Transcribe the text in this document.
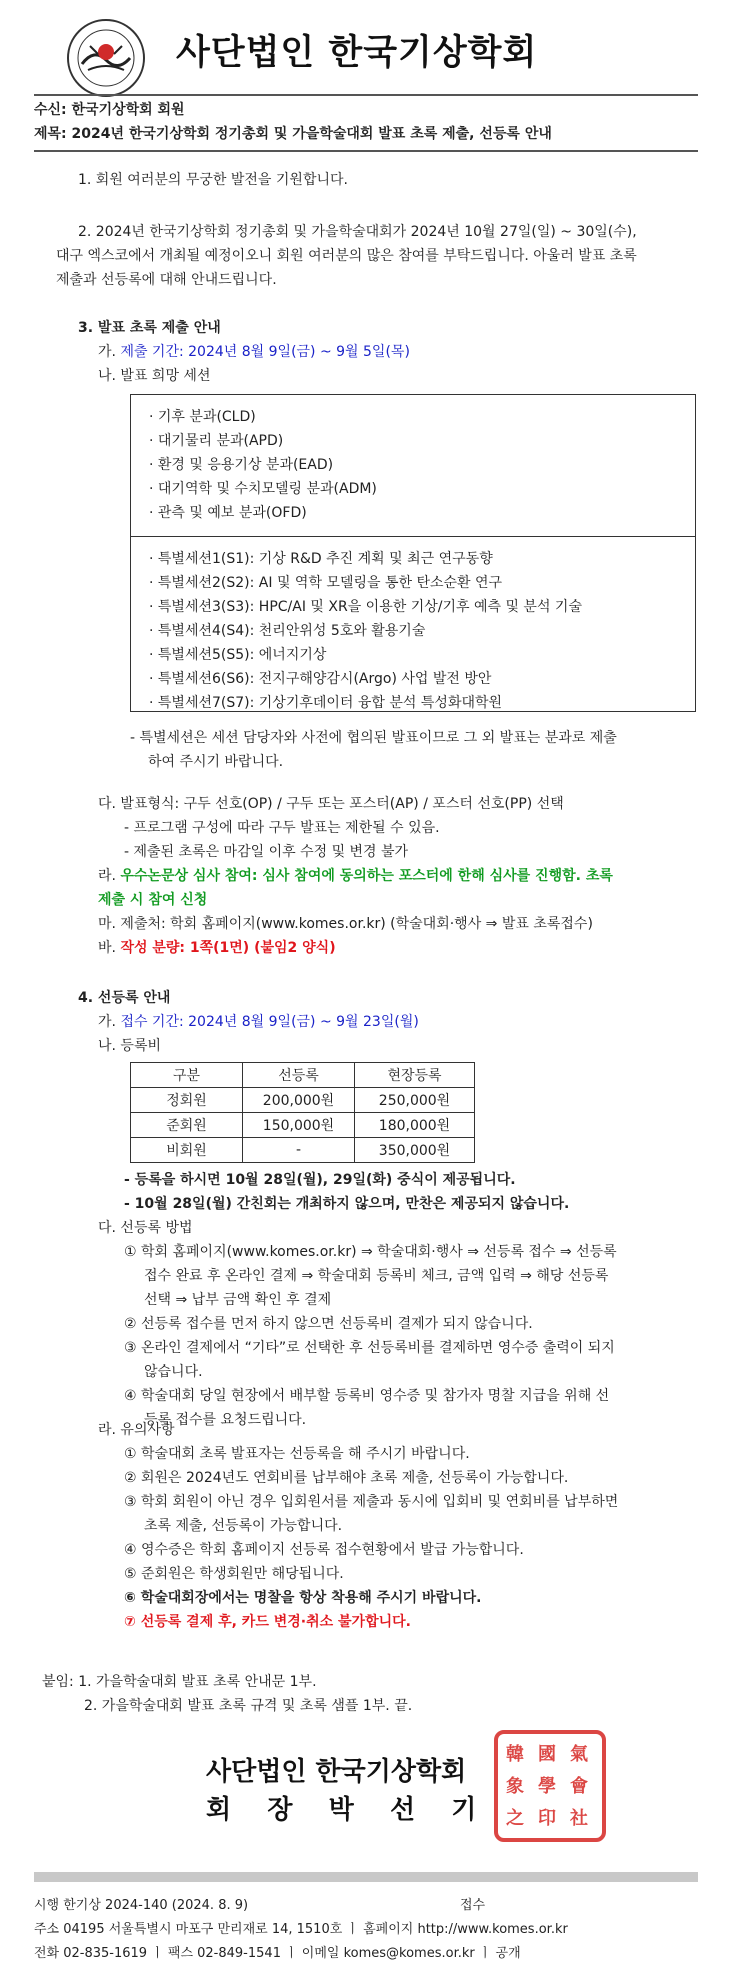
사단법인 한국기상학회
수신: 한국기상학회 회원
제목: 2024년 한국기상학회 정기총회 및 가을학술대회 발표 초록 제출, 선등록 안내
1. 회원 여러분의 무궁한 발전을 기원합니다.
2. 2024년 한국기상학회 정기총회 및 가을학술대회가 2024년 10월 27일(일) ~ 30일(수),
대구 엑스코에서 개최될 예정이오니 회원 여러분의 많은 참여를 부탁드립니다. 아울러 발표 초록
제출과 선등록에 대해 안내드립니다.
3. 발표 초록 제출 안내
가. 제출 기간: 2024년 8월 9일(금) ~ 9월 5일(목)
나. 발표 희망 세션
· 기후 분과(CLD)
· 대기물리 분과(APD)
· 환경 및 응용기상 분과(EAD)
· 대기역학 및 수치모델링 분과(ADM)
· 관측 및 예보 분과(OFD)
· 특별세션1(S1): 기상 R&D 추진 계획 및 최근 연구동향
· 특별세션2(S2): AI 및 역학 모델링을 통한 탄소순환 연구
· 특별세션3(S3): HPC/AI 및 XR을 이용한 기상/기후 예측 및 분석 기술
· 특별세션4(S4): 천리안위성 5호와 활용기술
· 특별세션5(S5): 에너지기상
· 특별세션6(S6): 전지구해양감시(Argo) 사업 발전 방안
· 특별세션7(S7): 기상기후데이터 융합 분석 특성화대학원
- 특별세션은 세션 담당자와 사전에 협의된 발표이므로 그 외 발표는 분과로 제출
하여 주시기 바랍니다.
다. 발표형식: 구두 선호(OP) / 구두 또는 포스터(AP) / 포스터 선호(PP) 선택
- 프로그램 구성에 따라 구두 발표는 제한될 수 있음.
- 제출된 초록은 마감일 이후 수정 및 변경 불가
라. 우수논문상 심사 참여: 심사 참여에 동의하는 포스터에 한해 심사를 진행함. 초록
제출 시 참여 신청
마. 제출처: 학회 홈페이지(www.komes.or.kr) (학술대회·행사 ⇒ 발표 초록접수)
바. 작성 분량: 1쪽(1면) (붙임2 양식)
4. 선등록 안내
가. 접수 기간: 2024년 8월 9일(금) ~ 9월 23일(월)
나. 등록비
구분	선등록	현장등록
정회원	200,000원	250,000원
준회원	150,000원	180,000원
비회원	-	350,000원
- 등록을 하시면 10월 28일(월), 29일(화) 중식이 제공됩니다.
- 10월 28일(월) 간친회는 개최하지 않으며, 만찬은 제공되지 않습니다.
다. 선등록 방법
① 학회 홈페이지(www.komes.or.kr) ⇒ 학술대회·행사 ⇒ 선등록 접수 ⇒ 선등록
접수 완료 후 온라인 결제 ⇒ 학술대회 등록비 체크, 금액 입력 ⇒ 해당 선등록
선택 ⇒ 납부 금액 확인 후 결제
② 선등록 접수를 먼저 하지 않으면 선등록비 결제가 되지 않습니다.
③ 온라인 결제에서 “기타”로 선택한 후 선등록비를 결제하면 영수증 출력이 되지
않습니다.
④ 학술대회 당일 현장에서 배부할 등록비 영수증 및 참가자 명찰 지급을 위해 선
등록 접수를 요청드립니다.
라. 유의사항
① 학술대회 초록 발표자는 선등록을 해 주시기 바랍니다.
② 회원은 2024년도 연회비를 납부해야 초록 제출, 선등록이 가능합니다.
③ 학회 회원이 아닌 경우 입회원서를 제출과 동시에 입회비 및 연회비를 납부하면
초록 제출, 선등록이 가능합니다.
④ 영수증은 학회 홈페이지 선등록 접수현황에서 발급 가능합니다.
⑤ 준회원은 학생회원만 해당됩니다.
⑥ 학술대회장에서는 명찰을 항상 착용해 주시기 바랍니다.
⑦ 선등록 결제 후, 카드 변경·취소 불가합니다.
붙임: 1. 가을학술대회 발표 초록 안내문 1부.
2. 가을학술대회 발표 초록 규격 및 초록 샘플 1부. 끝.
사단법인 한국기상학회
회    장    박    선    기
韓 國 氣
象 學 會
之 印 社
시행 한기상 2024-140 (2024. 8. 9)	접수
주소 04195 서울특별시 마포구 만리재로 14, 1510호 ㅣ 홈페이지 http://www.komes.or.kr
전화 02-835-1619 ㅣ 팩스 02-849-1541 ㅣ 이메일 komes@komes.or.kr ㅣ 공개
